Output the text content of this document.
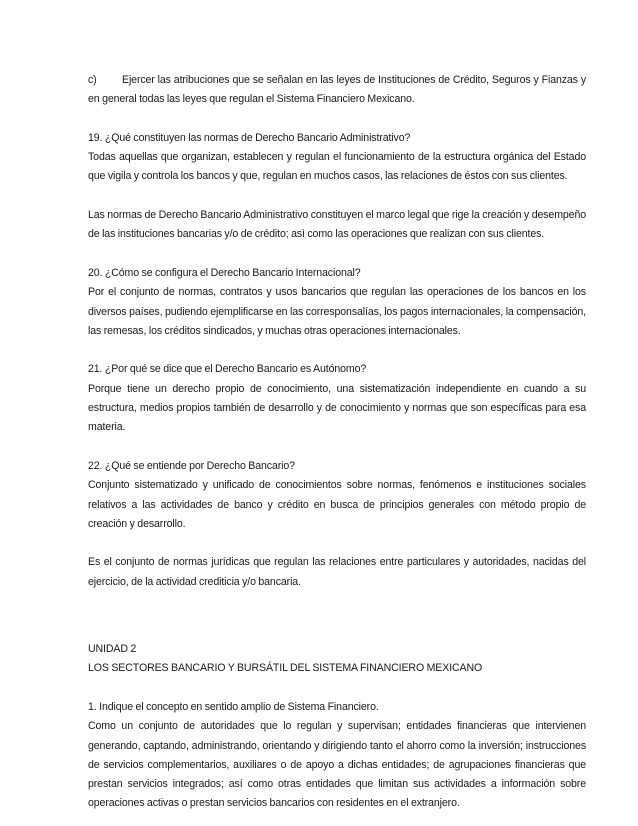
c) Ejercer las atribuciones que se señalan en las leyes de Instituciones de Crédito, Seguros y Fianzas y en general todas las leyes que regulan el Sistema Financiero Mexicano.

19. ¿Qué constituyen las normas de Derecho Bancario Administrativo?
Todas aquellas que organizan, establecen y regulan el funcionamiento de la estructura orgánica del Estado que vigila y controla los bancos y que, regulan en muchos casos, las relaciones de éstos con sus clientes.

Las normas de Derecho Bancario Administrativo constituyen el marco legal que rige la creación y desempeño de las instituciones bancarias y/o de crédito; asì como las operaciones que realizan con sus clientes.

20. ¿Cómo se configura el Derecho Bancario Internacional?
Por el conjunto de normas, contratos y usos bancarios que regulan las operaciones de los bancos en los diversos países, pudiendo ejemplificarse en las corresponsalías, los pagos internacionales, la compensación, las remesas, los créditos sindicados, y muchas otras operaciones internacionales.

21. ¿Por qué se dice que el Derecho Bancario es Autónomo?
Porque tiene un derecho propio de conocimiento, una sistematización independiente en cuando a su estructura, medios propios también de desarrollo y de conocimiento y normas que son específicas para esa materia.

22. ¿Qué se entiende por Derecho Bancario?
Conjunto sistematizado y unificado de conocimientos sobre normas, fenómenos e instituciones sociales relativos a las actividades de banco y crédito en busca de principios generales con método propio de creación y desarrollo.

Es el conjunto de normas jurídicas que regulan las relaciones entre particulares y autoridades, nacidas del ejercicio, de la actividad crediticia y/o bancaria.

UNIDAD 2
LOS SECTORES BANCARIO Y BURSÁTIL DEL SISTEMA FINANCIERO MEXICANO

1. Indique el concepto en sentido amplio de Sistema Financiero.
Como un conjunto de autoridades que lo regulan y supervisan; entidades financieras que intervienen generando, captando, administrando, orientando y dirigiendo tanto el ahorro como la inversión; instrucciones de servicios complementarios, auxiliares o de apoyo a dichas entidades; de agrupaciones financieras que prestan servicios integrados; así como otras entidades que limitan sus actividades a información sobre operaciones activas o prestan servicios bancarios con residentes en el extranjero.
